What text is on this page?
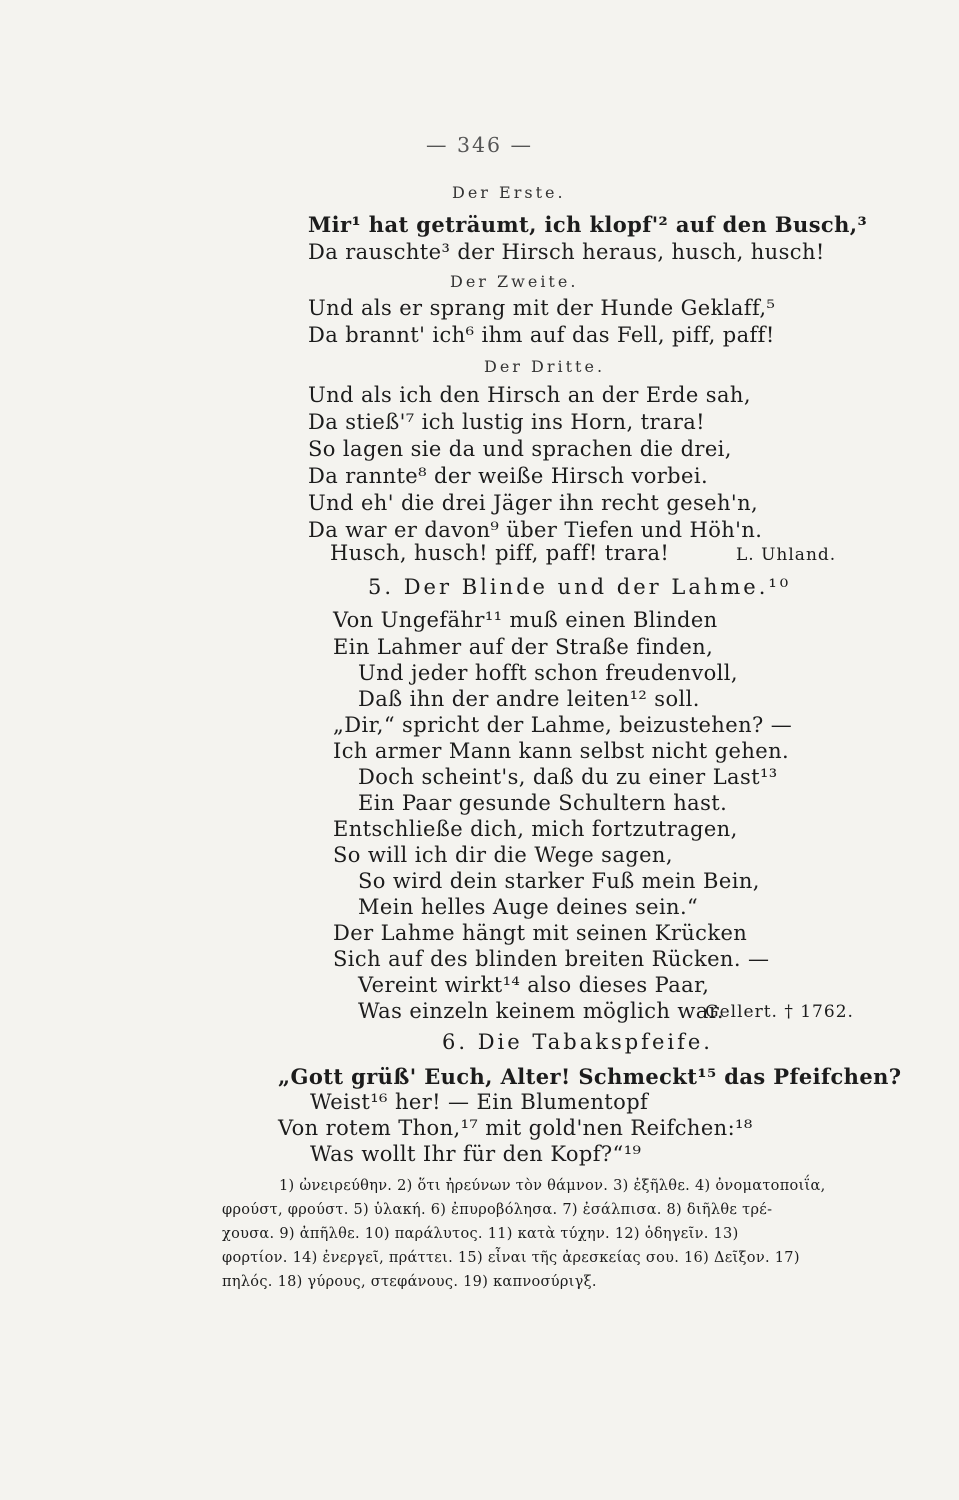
— 346 —
Der Erste.
Mir¹ hat geträumt, ich klopf'² auf den Busch,³
Da rauschte³ der Hirsch heraus, husch, husch!
Der Zweite.
Und als er sprang mit der Hunde Geklaff,⁵
Da brannt' ich⁶ ihm auf das Fell, piff, paff!
Der Dritte.
Und als ich den Hirsch an der Erde sah,
Da stieß'⁷ ich lustig ins Horn, trara!
So lagen sie da und sprachen die drei,
Da rannte⁸ der weiße Hirsch vorbei.
Und eh' die drei Jäger ihn recht geseh'n,
Da war er davon⁹ über Tiefen und Höh'n.
Husch, husch! piff, paff! trara!	L. Uhland.
5. Der Blinde und der Lahme.¹⁰
Von Ungefähr¹¹ muß einen Blinden
Ein Lahmer auf der Straße finden,
Und jeder hofft schon freudenvoll,
Daß ihn der andre leiten¹² soll.
„Dir,“ spricht der Lahme, beizustehen? —
Ich armer Mann kann selbst nicht gehen.
Doch scheint's, daß du zu einer Last¹³
Ein Paar gesunde Schultern hast.
Entschließe dich, mich fortzutragen,
So will ich dir die Wege sagen,
So wird dein starker Fuß mein Bein,
Mein helles Auge deines sein.“
Der Lahme hängt mit seinen Krücken
Sich auf des blinden breiten Rücken. —
Vereint wirkt¹⁴ also dieses Paar,
Was einzeln keinem möglich war.
Gellert. † 1762.
6. Die Tabakspfeife.
„Gott grüß' Euch, Alter! Schmeckt¹⁵ das Pfeifchen?
Weist¹⁶ her! — Ein Blumentopf
Von rotem Thon,¹⁷ mit gold'nen Reifchen:¹⁸
Was wollt Ihr für den Kopf?“¹⁹
1) ὠνειρεύθην. 2) ὅτι ἠρεύνων τὸν θάμνον. 3) ἐξῆλθε. 4) ὀνοματοποιΐα,
φρούστ, φρούστ. 5) ὑλακή. 6) ἐπυροβόλησα. 7) ἐσάλπισα. 8) διῆλθε τρέ-
χουσα. 9) ἀπῆλθε. 10) παράλυτος. 11) κατὰ τύχην. 12) ὁδηγεῖν. 13)
φορτίον. 14) ἐνεργεῖ, πράττει. 15) εἶναι τῆς ἀρεσκείας σου. 16) Δεῖξον. 17)
πηλός. 18) γύρους, στεφάνους. 19) καπνοσύριγξ.
